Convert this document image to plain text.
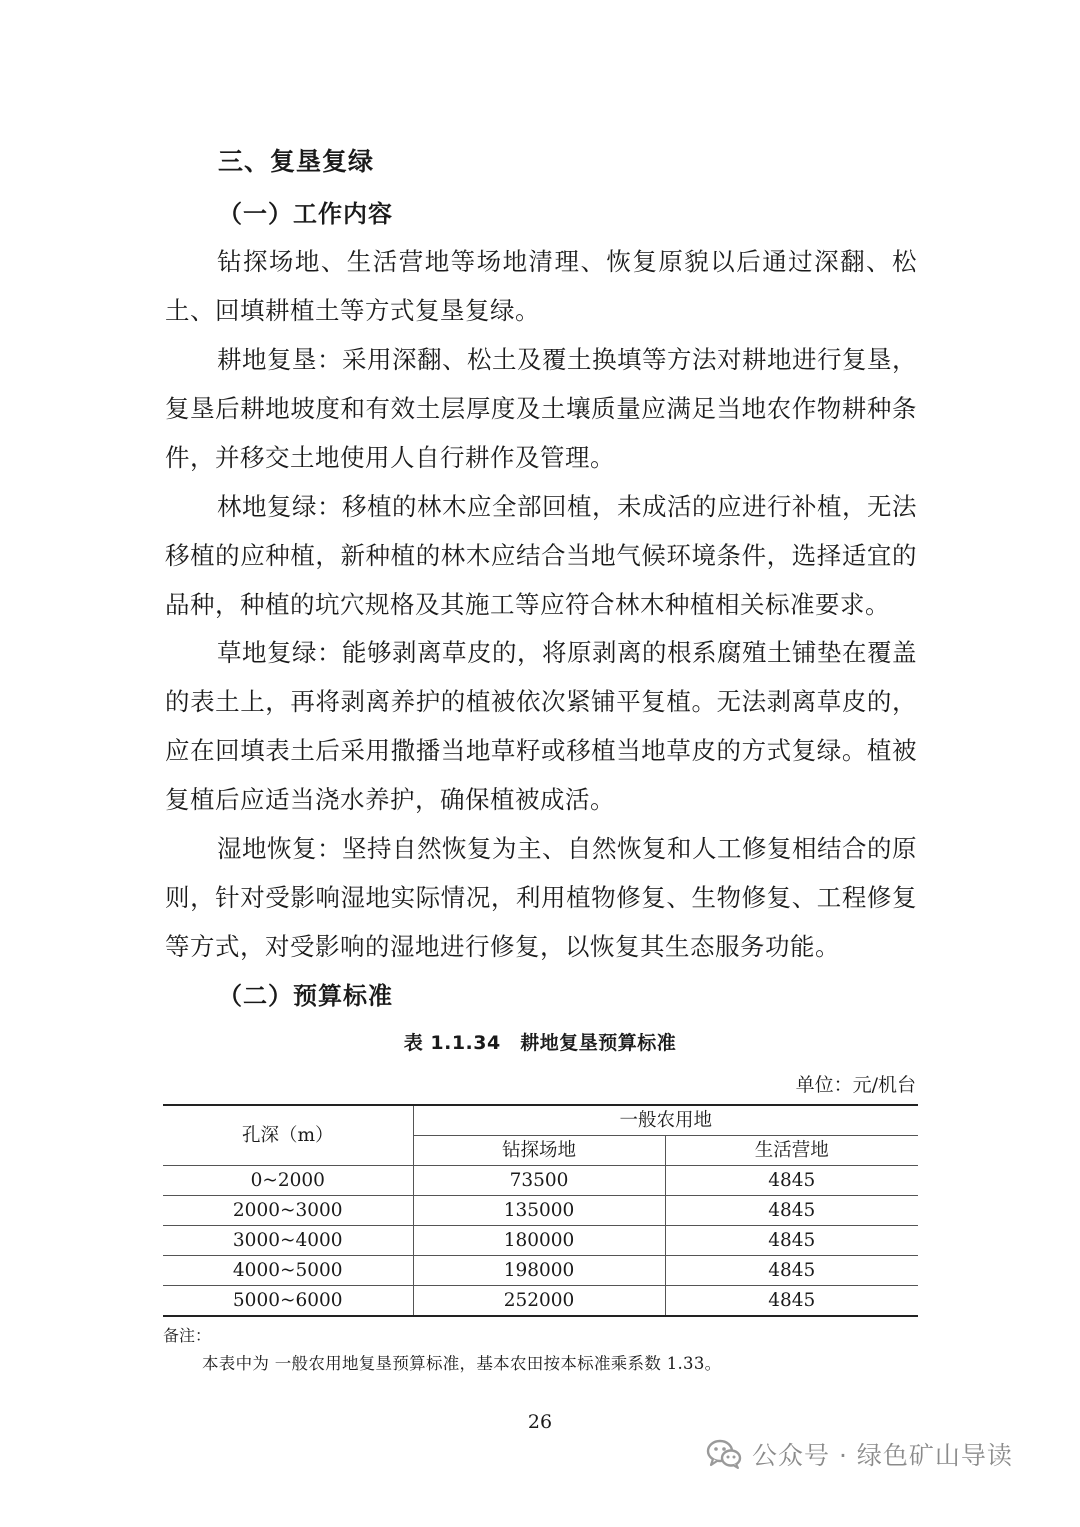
三、复垦复绿
（一）工作内容
钻探场地、生活营地等场地清理、恢复原貌以后通过深翻、松土、回填耕植土等方式复垦复绿。
耕地复垦：采用深翻、松土及覆土换填等方法对耕地进行复垦，复垦后耕地坡度和有效土层厚度及土壤质量应满足当地农作物耕种条件，并移交土地使用人自行耕作及管理。
林地复绿：移植的林木应全部回植，未成活的应进行补植，无法移植的应种植，新种植的林木应结合当地气候环境条件，选择适宜的品种，种植的坑穴规格及其施工等应符合林木种植相关标准要求。
草地复绿：能够剥离草皮的，将原剥离的根系腐殖土铺垫在覆盖的表土上，再将剥离养护的植被依次紧铺平复植。无法剥离草皮的，应在回填表土后采用撒播当地草籽或移植当地草皮的方式复绿。植被复植后应适当浇水养护，确保植被成活。
湿地恢复：坚持自然恢复为主、自然恢复和人工修复相结合的原则，针对受影响湿地实际情况，利用植物修复、生物修复、工程修复等方式，对受影响的湿地进行修复，以恢复其生态服务功能。
（二）预算标准
表 1.1.34　耕地复垦预算标准
单位：元/机台
孔深（m）	一般农用地	
	钻探场地	生活营地
0~2000	73500	4845
2000~3000	135000	4845
3000~4000	180000	4845
4000~5000	198000	4845
5000~6000	252000	4845
备注：
本表中为 一般农用地复垦预算标准，基本农田按本标准乘系数 1.33。
26
公众号 · 绿色矿山导读
